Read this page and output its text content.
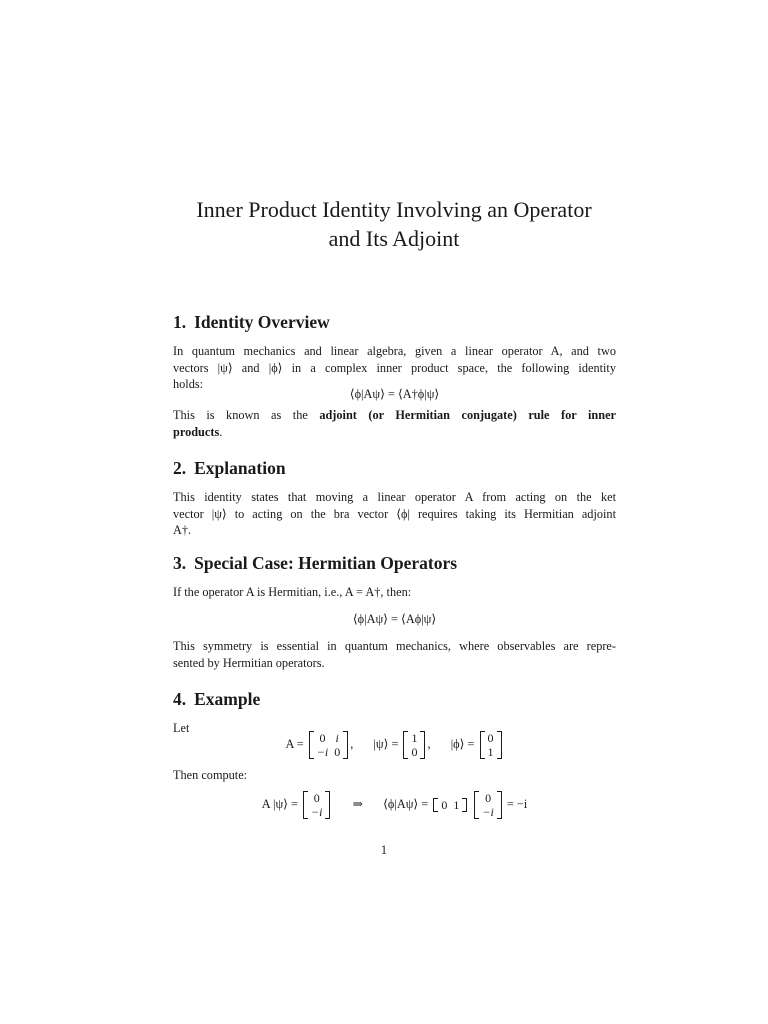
Inner Product Identity Involving an Operator
and Its Adjoint
1. Identity Overview
In quantum mechanics and linear algebra, given a linear operator A, and two
vectors |ψ⟩ and |ϕ⟩ in a complex inner product space, the following identity
holds:
⟨ϕ|Aψ⟩ = ⟨A†ϕ|ψ⟩
This is known as the adjoint (or Hermitian conjugate) rule for inner
products.
2. Explanation
This identity states that moving a linear operator A from acting on the ket
vector |ψ⟩ to acting on the bra vector ⟨ϕ| requires taking its Hermitian adjoint
A†.
3. Special Case: Hermitian Operators
If the operator A is Hermitian, i.e., A = A†, then:
⟨ϕ|Aψ⟩ = ⟨Aϕ|ψ⟩
This symmetry is essential in quantum mechanics, where observables are repre-
sented by Hermitian operators.
4. Example
Let
A = 0	i
−i	0
, |ψ⟩ = 1
0
, |ϕ⟩ = 0
1
Then compute:
A |ψ⟩ = 0
−i
⇒ ⟨ϕ|Aψ⟩ = 0	1
0
−i
= −i
1
